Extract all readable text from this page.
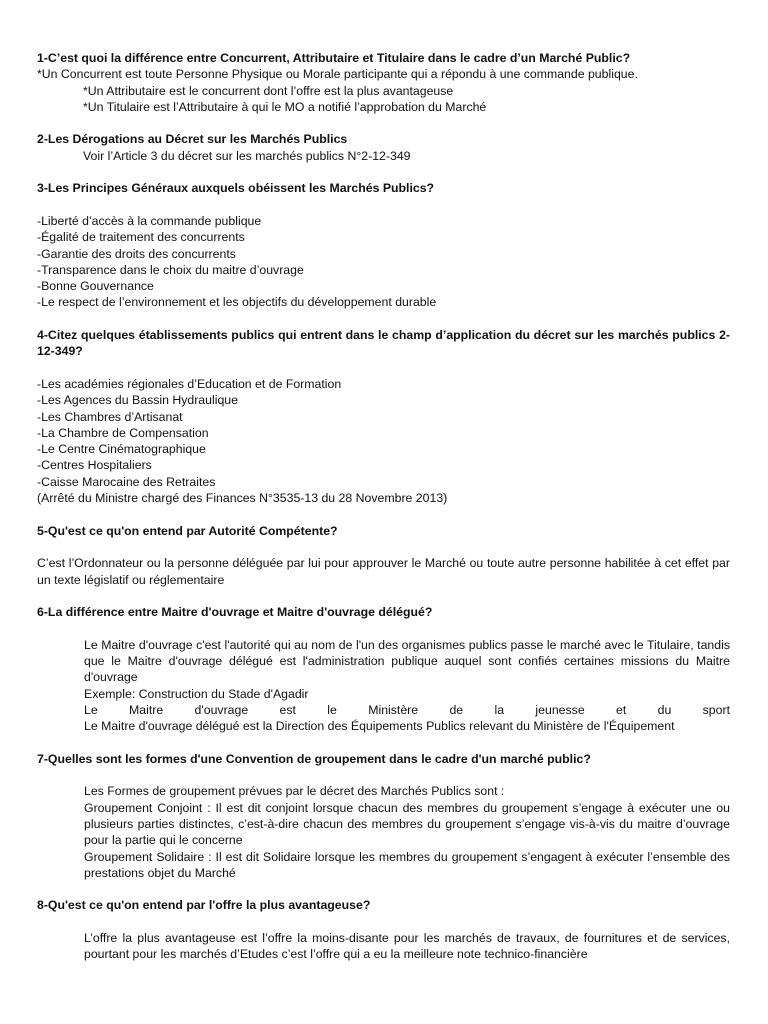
1-C’est quoi la différence entre Concurrent, Attributaire et Titulaire dans le cadre d’un Marché Public?
*Un Concurrent est toute Personne Physique ou Morale participante qui a répondu à une commande publique.
*Un Attributaire est le concurrent dont l’offre est la plus avantageuse
*Un Titulaire est l’Attributaire à qui le MO a notifié l’approbation du Marché
2-Les Dérogations au Décret sur les Marchés Publics
Voir l’Article 3 du décret sur les marchés publics N°2-12-349
3-Les Principes Généraux auxquels obéissent les Marchés Publics?
-Liberté d’accès à la commande publique
-Égalité de traitement des concurrents
-Garantie des droits des concurrents
-Transparence dans le choix du maitre d’ouvrage
-Bonne Gouvernance
-Le respect de l’environnement et les objectifs du développement durable
4-Citez quelques établissements publics qui entrent dans le champ d’application du décret sur les marchés publics 2-12-349?
-Les académies régionales d’Education et de Formation
-Les Agences du Bassin Hydraulique
-Les Chambres d’Artisanat
-La Chambre de Compensation
-Le Centre Cinématographique
-Centres Hospitaliers
-Caisse Marocaine des Retraites
(Arrêté du Ministre chargé des Finances N°3535-13 du 28 Novembre 2013)
5-Qu'est ce qu'on entend par Autorité Compétente?
C’est l’Ordonnateur ou la personne déléguée par lui pour approuver le Marché ou toute autre personne habilitée à cet effet par un texte législatif ou réglementaire
6-La différence entre Maitre d'ouvrage et Maitre d'ouvrage délégué?
Le Maitre d'ouvrage c'est l'autorité qui au nom de l'un des organismes publics passe le marché avec le Titulaire, tandis que le Maitre d'ouvrage délégué est l'administration publique auquel sont confiés certaines missions du Maitre d'ouvrage
Exemple: Construction du Stade d'Agadir
Le Maitre d'ouvrage est le Ministère de la jeunesse et du sport
Le Maitre d'ouvrage délégué est la Direction des Équipements Publics relevant du Ministère de l'Équipement
7-Quelles sont les formes d'une Convention de groupement dans le cadre d'un marché public?
Les Formes de groupement prévues par le décret des Marchés Publics sont :
Groupement Conjoint : Il est dit conjoint lorsque chacun des membres du groupement s’engage à exécuter une ou plusieurs parties distinctes, c’est-à-dire chacun des membres du groupement s’engage vis-à-vis du maitre d’ouvrage pour la partie qui le concerne
Groupement Solidaire : Il est dit Solidaire lorsque les membres du groupement s’engagent à exécuter l’ensemble des prestations objet du Marché
8-Qu'est ce qu'on entend par l'offre la plus avantageuse?
L’offre la plus avantageuse est l’offre la moins-disante pour les marchés de travaux, de fournitures et de services, pourtant pour les marchés d’Etudes c’est l’offre qui a eu la meilleure note technico-financière
